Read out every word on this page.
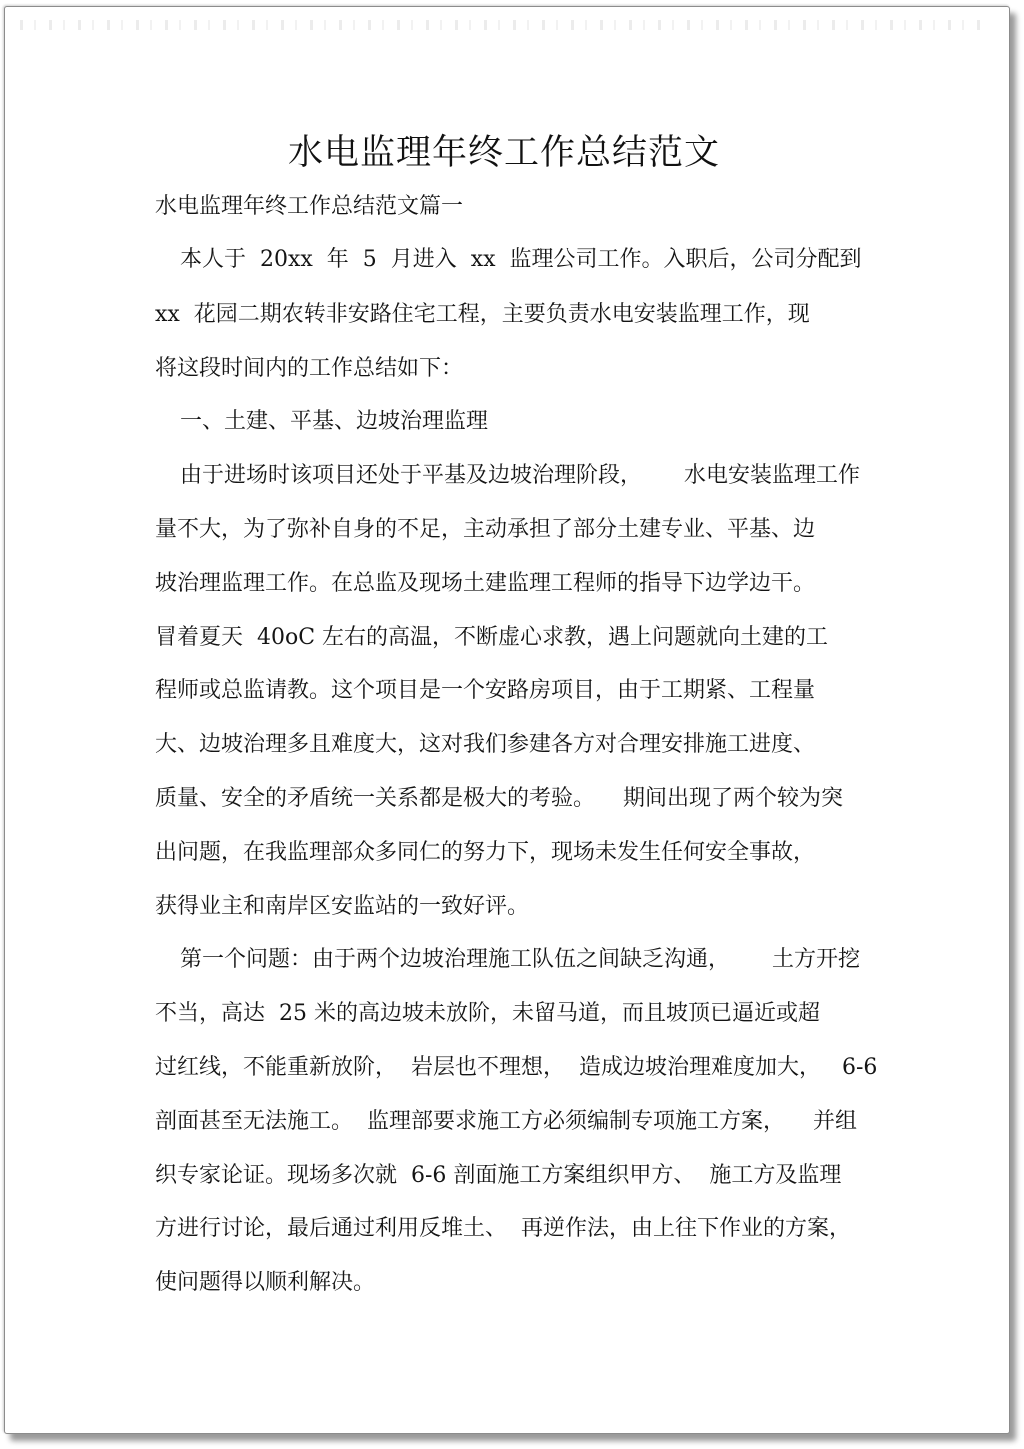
水电监理年终工作总结范文
水电监理年终工作总结范文篇一
本人于  20xx  年  5  月进入  xx  监理公司工作。入职后，公司分配到
xx  花园二期农转非安路住宅工程，主要负责水电安装监理工作，现
将这段时间内的工作总结如下：
一、土建、平基、边坡治理监理
由于进场时该项目还处于平基及边坡治理阶段，      水电安装监理工作
量不大，为了弥补自身的不足，主动承担了部分土建专业、平基、边
坡治理监理工作。在总监及现场土建监理工程师的指导下边学边干。
冒着夏天  40oC 左右的高温，不断虚心求教，遇上问题就向土建的工
程师或总监请教。这个项目是一个安路房项目，由于工期紧、工程量
大、边坡治理多且难度大，这对我们参建各方对合理安排施工进度、
质量、安全的矛盾统一关系都是极大的考验。    期间出现了两个较为突
出问题，在我监理部众多同仁的努力下，现场未发生任何安全事故，
获得业主和南岸区安监站的一致好评。
第一个问题：由于两个边坡治理施工队伍之间缺乏沟通，      土方开挖
不当，高达  25 米的高边坡未放阶，未留马道，而且坡顶已逼近或超
过红线，不能重新放阶，  岩层也不理想，  造成边坡治理难度加大，   6-6
剖面甚至无法施工。  监理部要求施工方必须编制专项施工方案，    并组
织专家论证。现场多次就  6-6 剖面施工方案组织甲方、  施工方及监理
方进行讨论，最后通过利用反堆土、  再逆作法，由上往下作业的方案，
使问题得以顺利解决。
